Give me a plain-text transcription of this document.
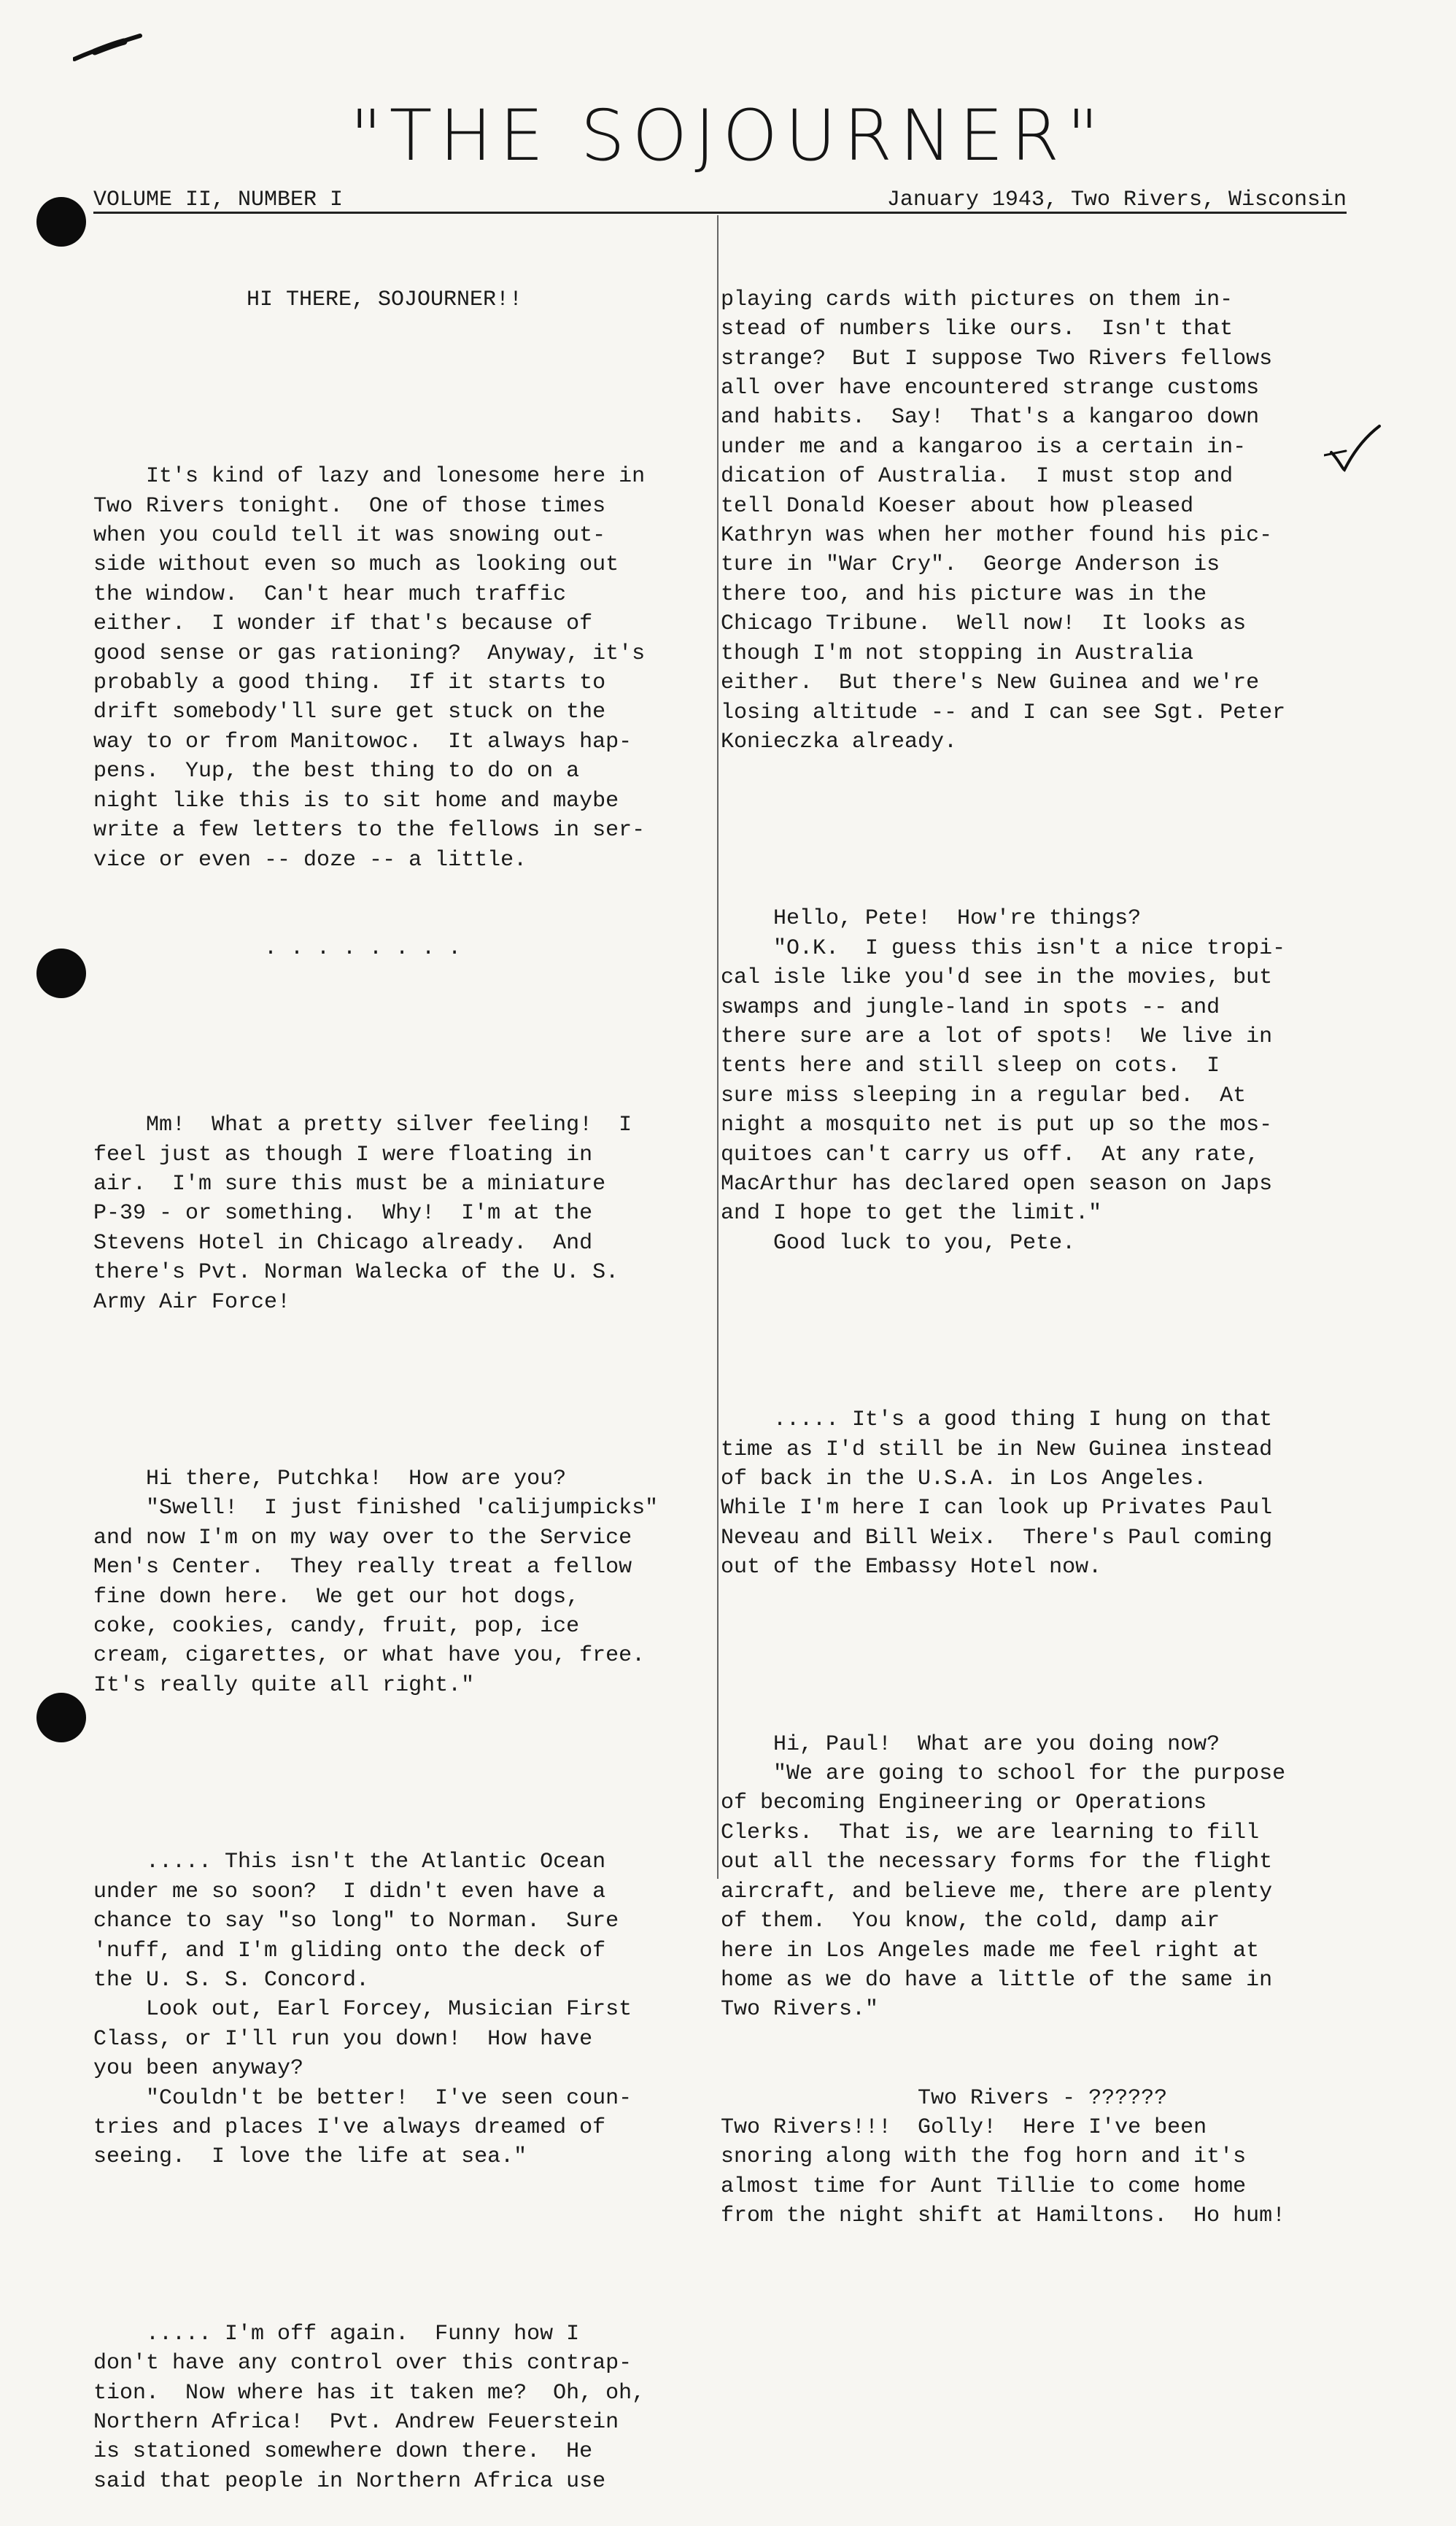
"THE SOJOURNER"
VOLUME II, NUMBER I	January 1943, Two Rivers, Wisconsin

HI THERE, SOJOURNER!!

It's kind of lazy and lonesome here in
Two Rivers tonight.  One of those times
when you could tell it was snowing out-
side without even so much as looking out
the window.  Can't hear much traffic
either.  I wonder if that's because of
good sense or gas rationing?  Anyway, it's
probably a good thing.  If it starts to
drift somebody'll sure get stuck on the
way to or from Manitowoc.  It always hap-
pens.  Yup, the best thing to do on a
night like this is to sit home and maybe
write a few letters to the fellows in ser-
vice or even -- doze -- a little.

. . . . . . . .

Mm!  What a pretty silver feeling!  I
feel just as though I were floating in
air.  I'm sure this must be a miniature
P-39 - or something.  Why!  I'm at the
Stevens Hotel in Chicago already.  And
there's Pvt. Norman Walecka of the U. S.
Army Air Force!

Hi there, Putchka!  How are you?
"Swell!  I just finished 'calijumpicks"
and now I'm on my way over to the Service
Men's Center.  They really treat a fellow
fine down here.  We get our hot dogs,
coke, cookies, candy, fruit, pop, ice
cream, cigarettes, or what have you, free.
It's really quite all right."

..... This isn't the Atlantic Ocean
under me so soon?  I didn't even have a
chance to say "so long" to Norman.  Sure
'nuff, and I'm gliding onto the deck of
the U. S. S. Concord.
Look out, Earl Forcey, Musician First
Class, or I'll run you down!  How have
you been anyway?
"Couldn't be better!  I've seen coun-
tries and places I've always dreamed of
seeing.  I love the life at sea."

..... I'm off again.  Funny how I
don't have any control over this contrap-
tion.  Now where has it taken me?  Oh, oh,
Northern Africa!  Pvt. Andrew Feuerstein
is stationed somewhere down there.  He
said that people in Northern Africa use

playing cards with pictures on them in-
stead of numbers like ours.  Isn't that
strange?  But I suppose Two Rivers fellows
all over have encountered strange customs
and habits.  Say!  That's a kangaroo down
under me and a kangaroo is a certain in-
dication of Australia.  I must stop and
tell Donald Koeser about how pleased
Kathryn was when her mother found his pic-
ture in "War Cry".  George Anderson is
there too, and his picture was in the
Chicago Tribune.  Well now!  It looks as
though I'm not stopping in Australia
either.  But there's New Guinea and we're
losing altitude -- and I can see Sgt. Peter
Konieczka already.

Hello, Pete!  How're things?
"O.K.  I guess this isn't a nice tropi-
cal isle like you'd see in the movies, but
swamps and jungle-land in spots -- and
there sure are a lot of spots!  We live in
tents here and still sleep on cots.  I
sure miss sleeping in a regular bed.  At
night a mosquito net is put up so the mos-
quitoes can't carry us off.  At any rate,
MacArthur has declared open season on Japs
and I hope to get the limit."
Good luck to you, Pete.

..... It's a good thing I hung on that
time as I'd still be in New Guinea instead
of back in the U.S.A. in Los Angeles.
While I'm here I can look up Privates Paul
Neveau and Bill Weix.  There's Paul coming
out of the Embassy Hotel now.

Hi, Paul!  What are you doing now?
"We are going to school for the purpose
of becoming Engineering or Operations
Clerks.  That is, we are learning to fill
out all the necessary forms for the flight
aircraft, and believe me, there are plenty
of them.  You know, the cold, damp air
here in Los Angeles made me feel right at
home as we do have a little of the same in
Two Rivers."

Two Rivers - ??????
Two Rivers!!!  Golly!  Here I've been
snoring along with the fog horn and it's
almost time for Aunt Tillie to come home
from the night shift at Hamiltons.  Ho hum!
